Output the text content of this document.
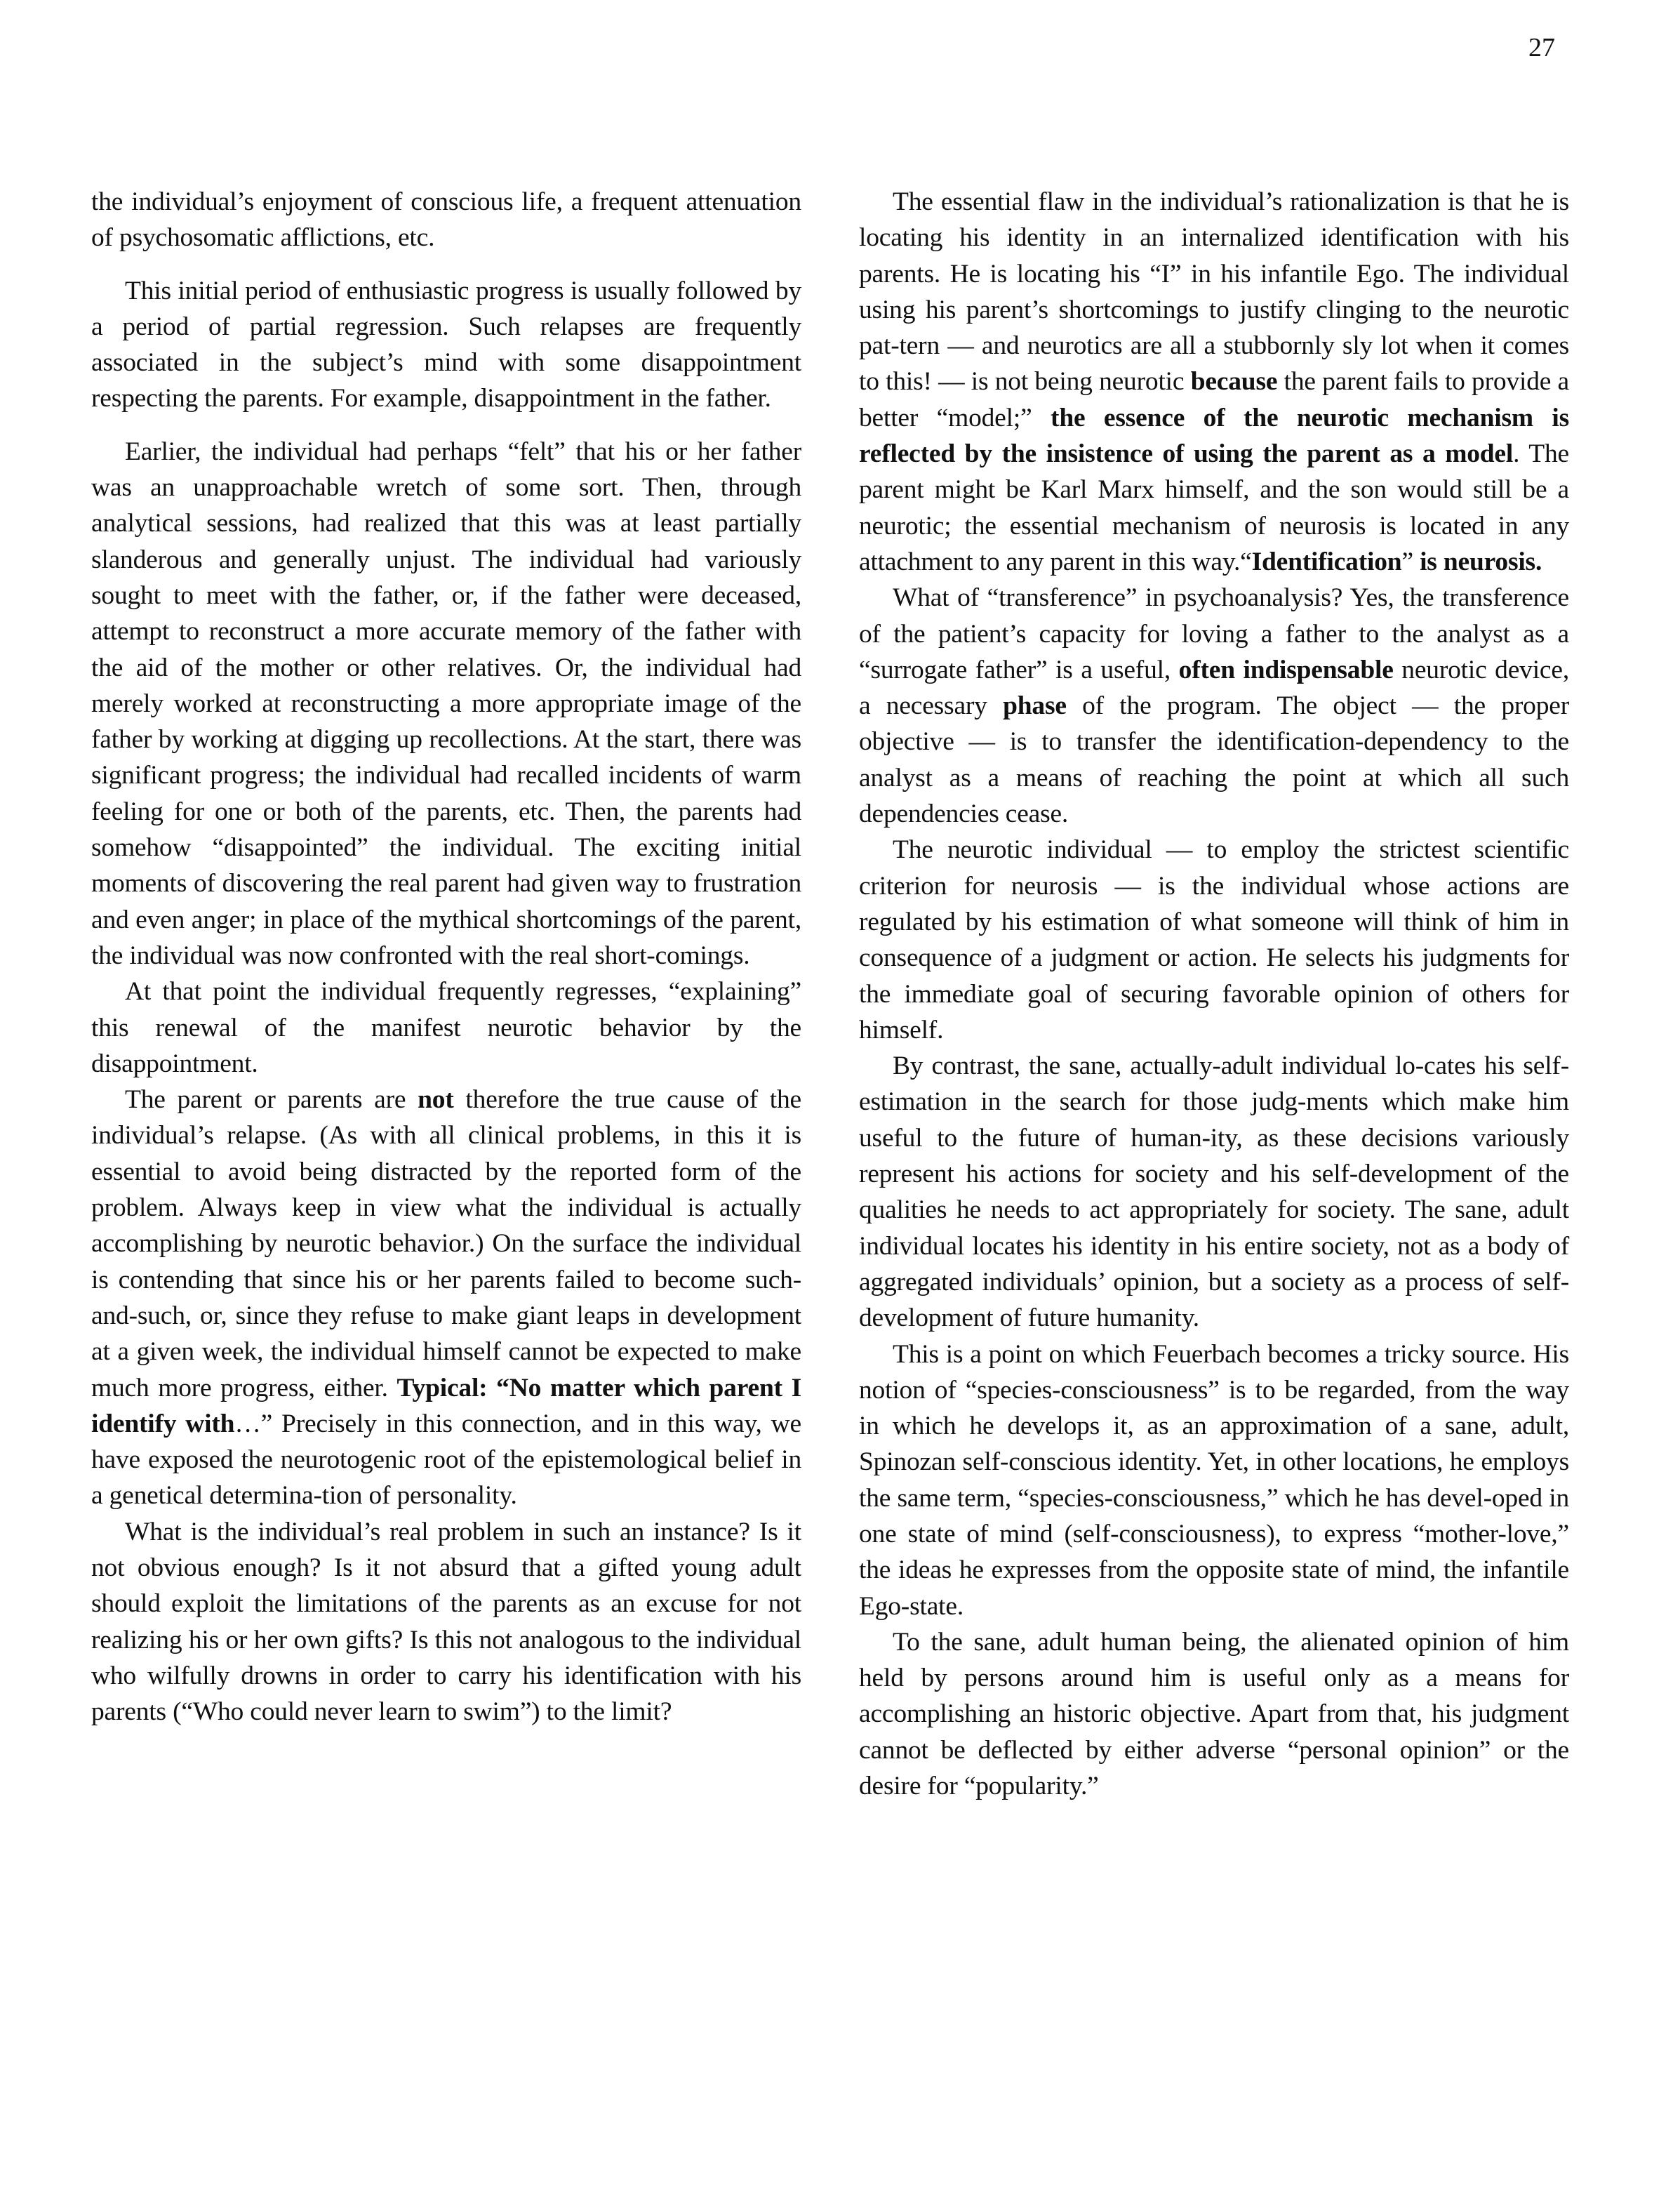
27

the individual’s enjoyment of conscious life, a frequent attenuation of psychosomatic afflictions, etc.

This initial period of enthusiastic progress is usually followed by a period of partial regression. Such relapses are frequently associated in the subject’s mind with some disappointment respecting the parents. For example, disappointment in the father.

Earlier, the individual had perhaps “felt” that his or her father was an unapproachable wretch of some sort. Then, through analytical sessions, had realized that this was at least partially slanderous and generally unjust. The individual had variously sought to meet with the father, or, if the father were deceased, attempt to reconstruct a more accurate memory of the father with the aid of the mother or other relatives. Or, the individual had merely worked at reconstructing a more appropriate image of the father by working at digging up recollections. At the start, there was significant progress; the individual had recalled incidents of warm feeling for one or both of the parents, etc. Then, the parents had somehow “disappointed” the individual. The exciting initial moments of discovering the real parent had given way to frustration and even anger; in place of the mythical shortcomings of the parent, the individual was now confronted with the real short-comings.

At that point the individual frequently regresses, “explaining” this renewal of the manifest neurotic behavior by the disappointment.

The parent or parents are not therefore the true cause of the individual’s relapse. (As with all clinical problems, in this it is essential to avoid being distracted by the reported form of the problem. Always keep in view what the individual is actually accomplishing by neurotic behavior.) On the surface the individual is contending that since his or her parents failed to become such-and-such, or, since they refuse to make giant leaps in development at a given week, the individual himself cannot be expected to make much more progress, either. Typical: “No matter which parent I identify with…” Precisely in this connection, and in this way, we have exposed the neurotogenic root of the epistemological belief in a genetical determina-tion of personality.

What is the individual’s real problem in such an instance? Is it not obvious enough? Is it not absurd that a gifted young adult should exploit the limitations of the parents as an excuse for not realizing his or her own gifts? Is this not analogous to the individual who wilfully drowns in order to carry his identification with his parents (“Who could never learn to swim”) to the limit?

The essential flaw in the individual’s rationalization is that he is locating his identity in an internalized identification with his parents. He is locating his “I” in his infantile Ego. The individual using his parent’s shortcomings to justify clinging to the neurotic pat-tern — and neurotics are all a stubbornly sly lot when it comes to this! — is not being neurotic because the parent fails to provide a better “model;” the essence of the neurotic mechanism is reflected by the insistence of using the parent as a model. The parent might be Karl Marx himself, and the son would still be a neurotic; the essential mechanism of neurosis is located in any attachment to any parent in this way.“Identification” is neurosis.

What of “transference” in psychoanalysis? Yes, the transference of the patient’s capacity for loving a father to the analyst as a “surrogate father” is a useful, often indispensable neurotic device, a necessary phase of the program. The object — the proper objective — is to transfer the identification-dependency to the analyst as a means of reaching the point at which all such dependencies cease.

The neurotic individual — to employ the strictest scientific criterion for neurosis — is the individual whose actions are regulated by his estimation of what someone will think of him in consequence of a judgment or action. He selects his judgments for the immediate goal of securing favorable opinion of others for himself.

By contrast, the sane, actually-adult individual lo-cates his self-estimation in the search for those judg-ments which make him useful to the future of human-ity, as these decisions variously represent his actions for society and his self-development of the qualities he needs to act appropriately for society. The sane, adult individual locates his identity in his entire society, not as a body of aggregated individuals’ opinion, but a society as a process of self-development of future humanity.

This is a point on which Feuerbach becomes a tricky source. His notion of “species-consciousness” is to be regarded, from the way in which he develops it, as an approximation of a sane, adult, Spinozan self-conscious identity. Yet, in other locations, he employs the same term, “species-consciousness,” which he has devel-oped in one state of mind (self-consciousness), to express “mother-love,” the ideas he expresses from the opposite state of mind, the infantile Ego-state.

To the sane, adult human being, the alienated opinion of him held by persons around him is useful only as a means for accomplishing an historic objective. Apart from that, his judgment cannot be deflected by either adverse “personal opinion” or the desire for “popularity.”
